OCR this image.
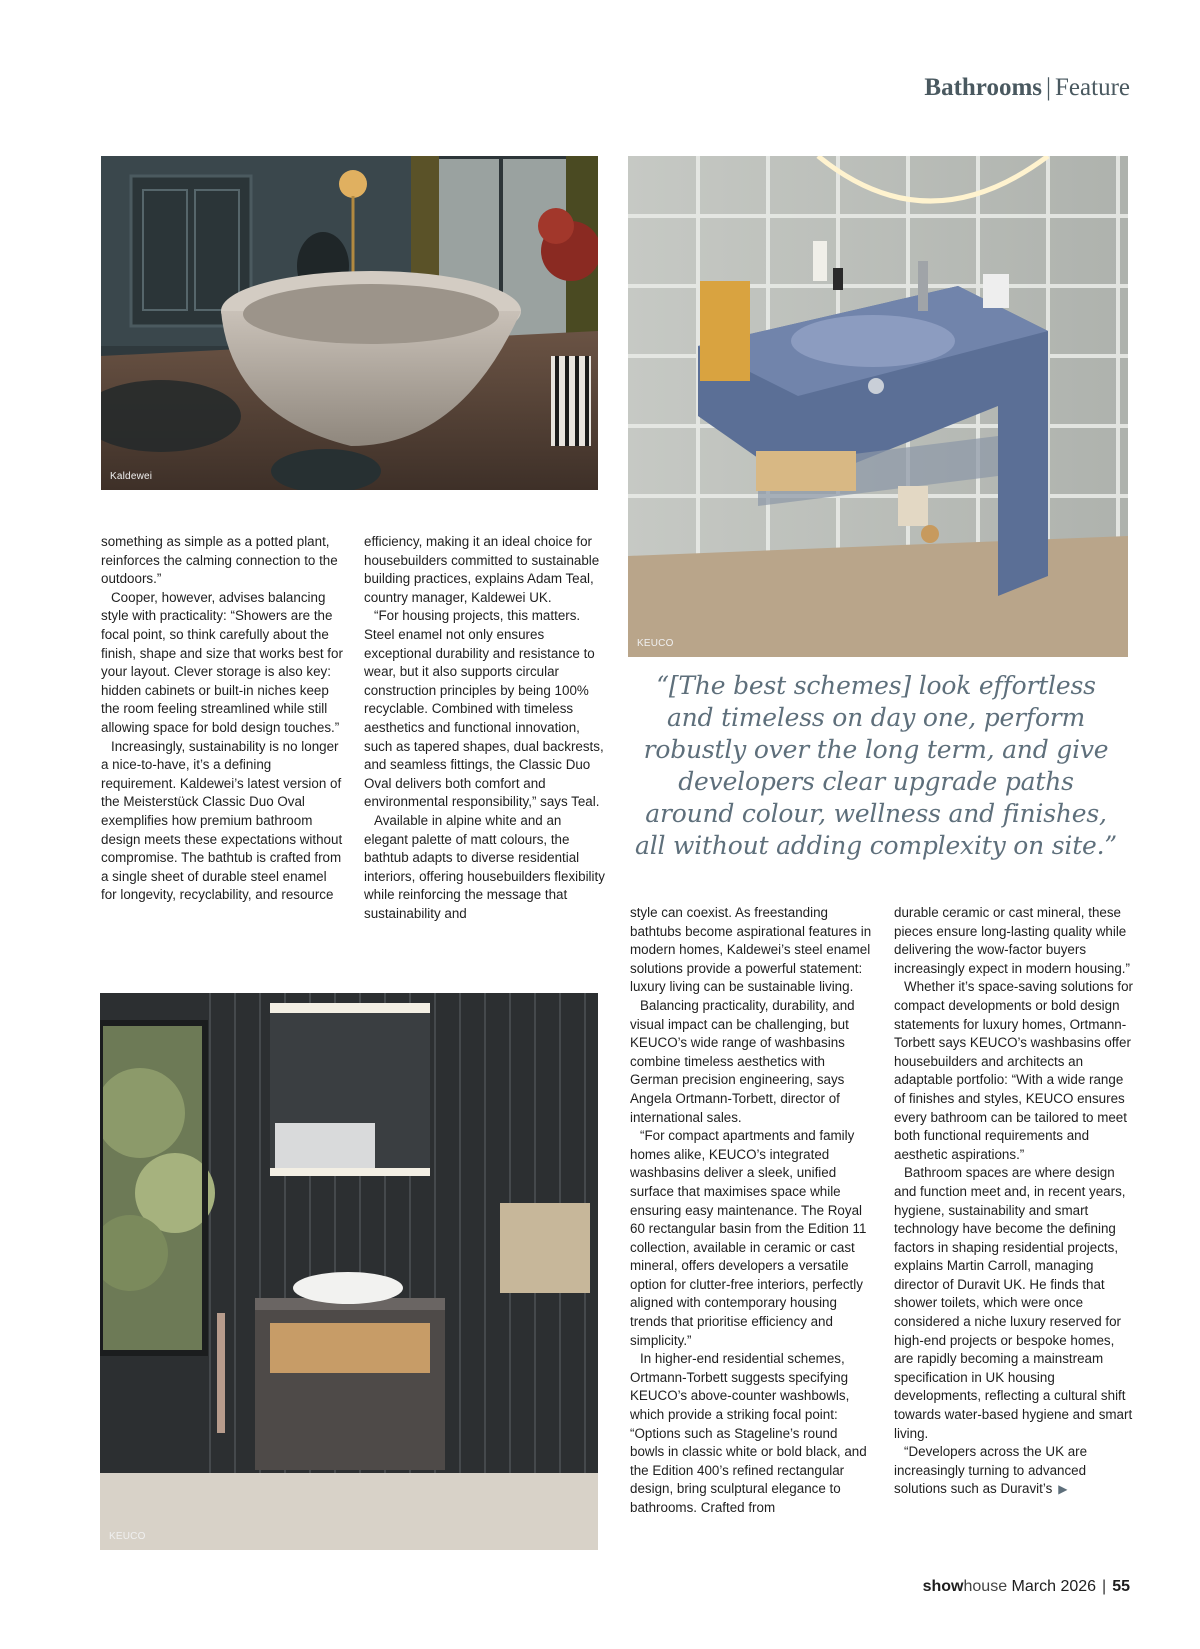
Bathrooms | Feature
Kaldewei
KEUCO
“[The best schemes] look effortless and timeless on day one, perform robustly over the long term, and give developers clear upgrade paths around colour, wellness and finishes, all without adding complexity on site.”
KEUCO

something as simple as a potted plant, reinforces the calming connection to the outdoors.”

Cooper, however, advises balancing style with practicality: “Showers are the focal point, so think carefully about the finish, shape and size that works best for your layout. Clever storage is also key: hidden cabinets or built-in niches keep the room feeling streamlined while still allowing space for bold design touches.”

Increasingly, sustainability is no longer a nice-to-have, it’s a defining requirement. Kaldewei’s latest version of the Meisterstück Classic Duo Oval exemplifies how premium bathroom design meets these expectations without compromise. The bathtub is crafted from a single sheet of durable steel enamel for longevity, recyclability, and resource

efficiency, making it an ideal choice for housebuilders committed to sustainable building practices, explains Adam Teal, country manager, Kaldewei UK.

“For housing projects, this matters. Steel enamel not only ensures exceptional durability and resistance to wear, but it also supports circular construction principles by being 100% recyclable. Combined with timeless aesthetics and functional innovation, such as tapered shapes, dual backrests, and seamless fittings, the Classic Duo Oval delivers both comfort and environmental responsibility,” says Teal.

Available in alpine white and an elegant palette of matt colours, the bathtub adapts to diverse residential interiors, offering housebuilders flexibility while reinforcing the message that sustainability and	style can coexist. As freestanding bathtubs become aspirational features in modern homes, Kaldewei’s steel enamel solutions provide a powerful statement: luxury living can be sustainable living.

Balancing practicality, durability, and visual impact can be challenging, but KEUCO’s wide range of washbasins combine timeless aesthetics with German precision engineering, says Angela Ortmann-Torbett, director of international sales.

“For compact apartments and family homes alike, KEUCO’s integrated washbasins deliver a sleek, unified surface that maximises space while ensuring easy maintenance. The Royal 60 rectangular basin from the Edition 11 collection, available in ceramic or cast mineral, offers developers a versatile option for clutter-free interiors, perfectly aligned with contemporary housing trends that prioritise efficiency and simplicity.”

In higher-end residential schemes, Ortmann-Torbett suggests specifying KEUCO’s above-counter washbowls, which provide a striking focal point: “Options such as Stageline’s round bowls in classic white or bold black, and the Edition 400’s refined rectangular design, bring sculptural elegance to bathrooms. Crafted from

durable ceramic or cast mineral, these pieces ensure long-lasting quality while delivering the wow-factor buyers increasingly expect in modern housing.”

Whether it’s space-saving solutions for compact developments or bold design statements for luxury homes, Ortmann-Torbett says KEUCO’s washbasins offer housebuilders and architects an adaptable portfolio: “With a wide range of finishes and styles, KEUCO ensures every bathroom can be tailored to meet both functional requirements and aesthetic aspirations.”

Bathroom spaces are where design and function meet and, in recent years, hygiene, sustainability and smart technology have become the defining factors in shaping residential projects, explains Martin Carroll, managing director of Duravit UK. He finds that shower toilets, which were once considered a niche luxury reserved for high-end projects or bespoke homes, are rapidly becoming a mainstream specification in UK housing developments, reflecting a cultural shift towards water-based hygiene and smart living.

“Developers across the UK are increasingly turning to advanced solutions such as Duravit’s ▶

showhouse March 2026 | 55
